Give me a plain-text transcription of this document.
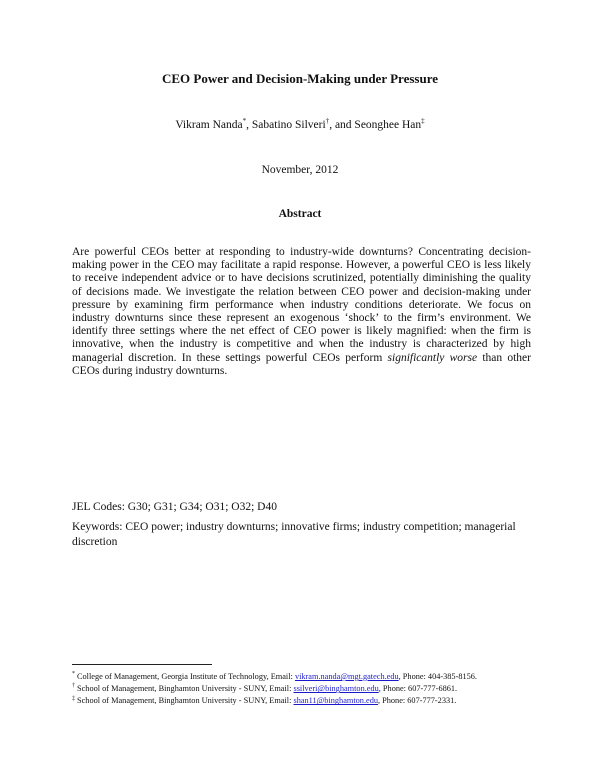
CEO Power and Decision-Making under Pressure
Vikram Nanda*, Sabatino Silveri†, and Seonghee Han‡
November, 2012
Abstract

Are powerful CEOs better at responding to industry-wide downturns? Concentrating decision-making power in the CEO may facilitate a rapid response. However, a powerful CEO is less likely to receive independent advice or to have decisions scrutinized, potentially diminishing the quality of decisions made. We investigate the relation between CEO power and decision-making under pressure by examining firm performance when industry conditions deteriorate. We focus on industry downturns since these represent an exogenous ‘shock’ to the firm’s environment. We identify three settings where the net effect of CEO power is likely magnified: when the firm is innovative, when the industry is competitive and when the industry is characterized by high managerial discretion. In these settings powerful CEOs perform significantly worse than other CEOs during industry downturns.

JEL Codes: G30; G31; G34; O31; O32; D40
Keywords: CEO power; industry downturns; innovative firms; industry competition; managerial discretion
* College of Management, Georgia Institute of Technology, Email: vikram.nanda@mgt.gatech.edu, Phone: 404-385-8156.
† School of Management, Binghamton University - SUNY, Email: ssilveri@binghamton.edu, Phone: 607-777-6861.
‡ School of Management, Binghamton University - SUNY, Email: shan11@binghamton.edu, Phone: 607-777-2331.
